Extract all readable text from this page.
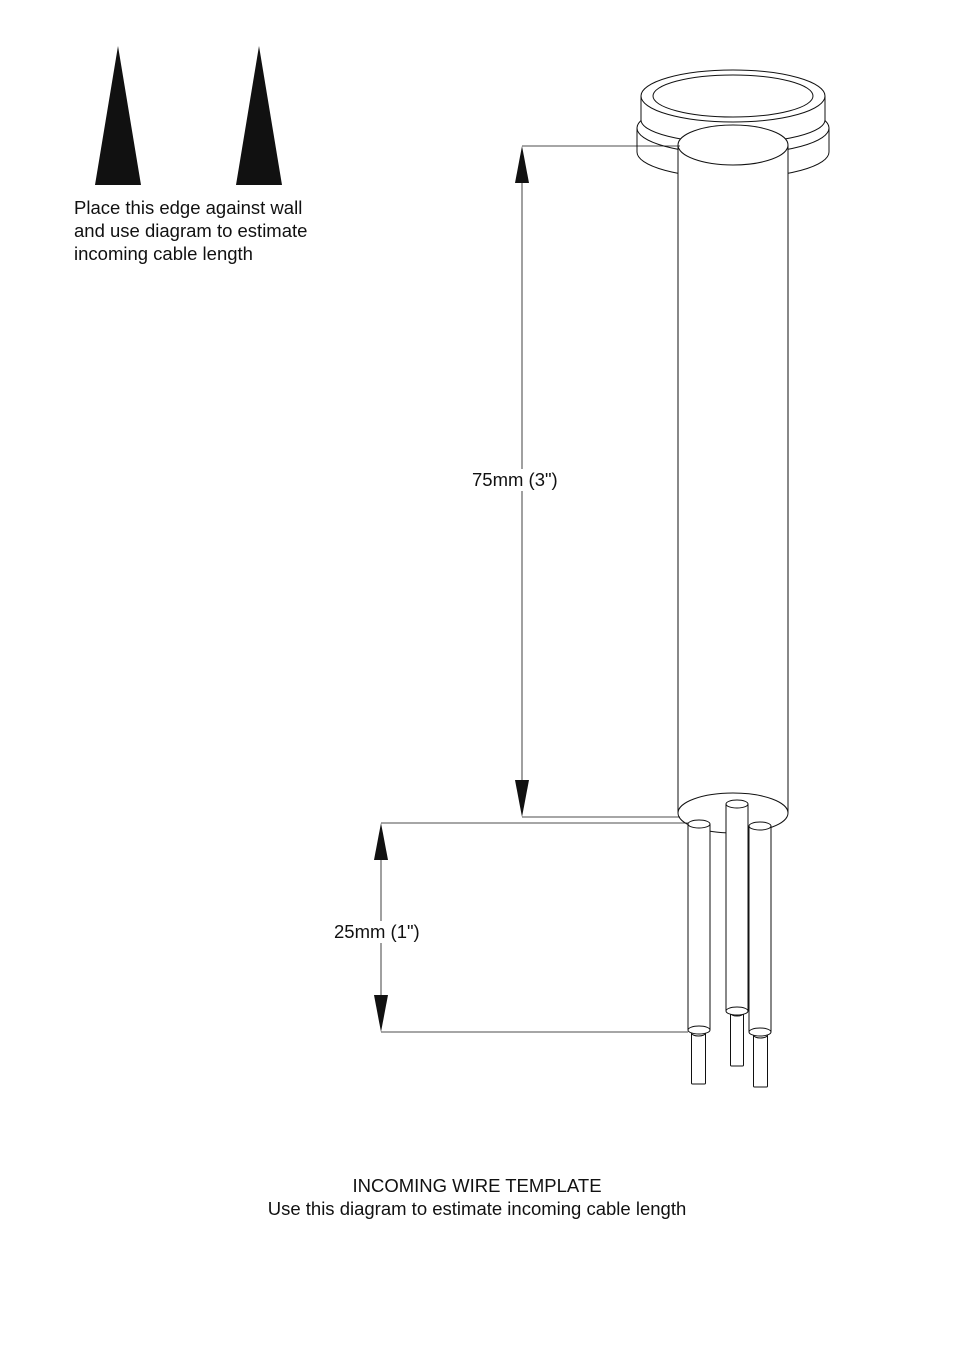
Place this edge against wall
and use diagram to estimate
incoming cable length

75mm (3")
25mm (1")
INCOMING WIRE TEMPLATE
Use this diagram to estimate incoming cable length
